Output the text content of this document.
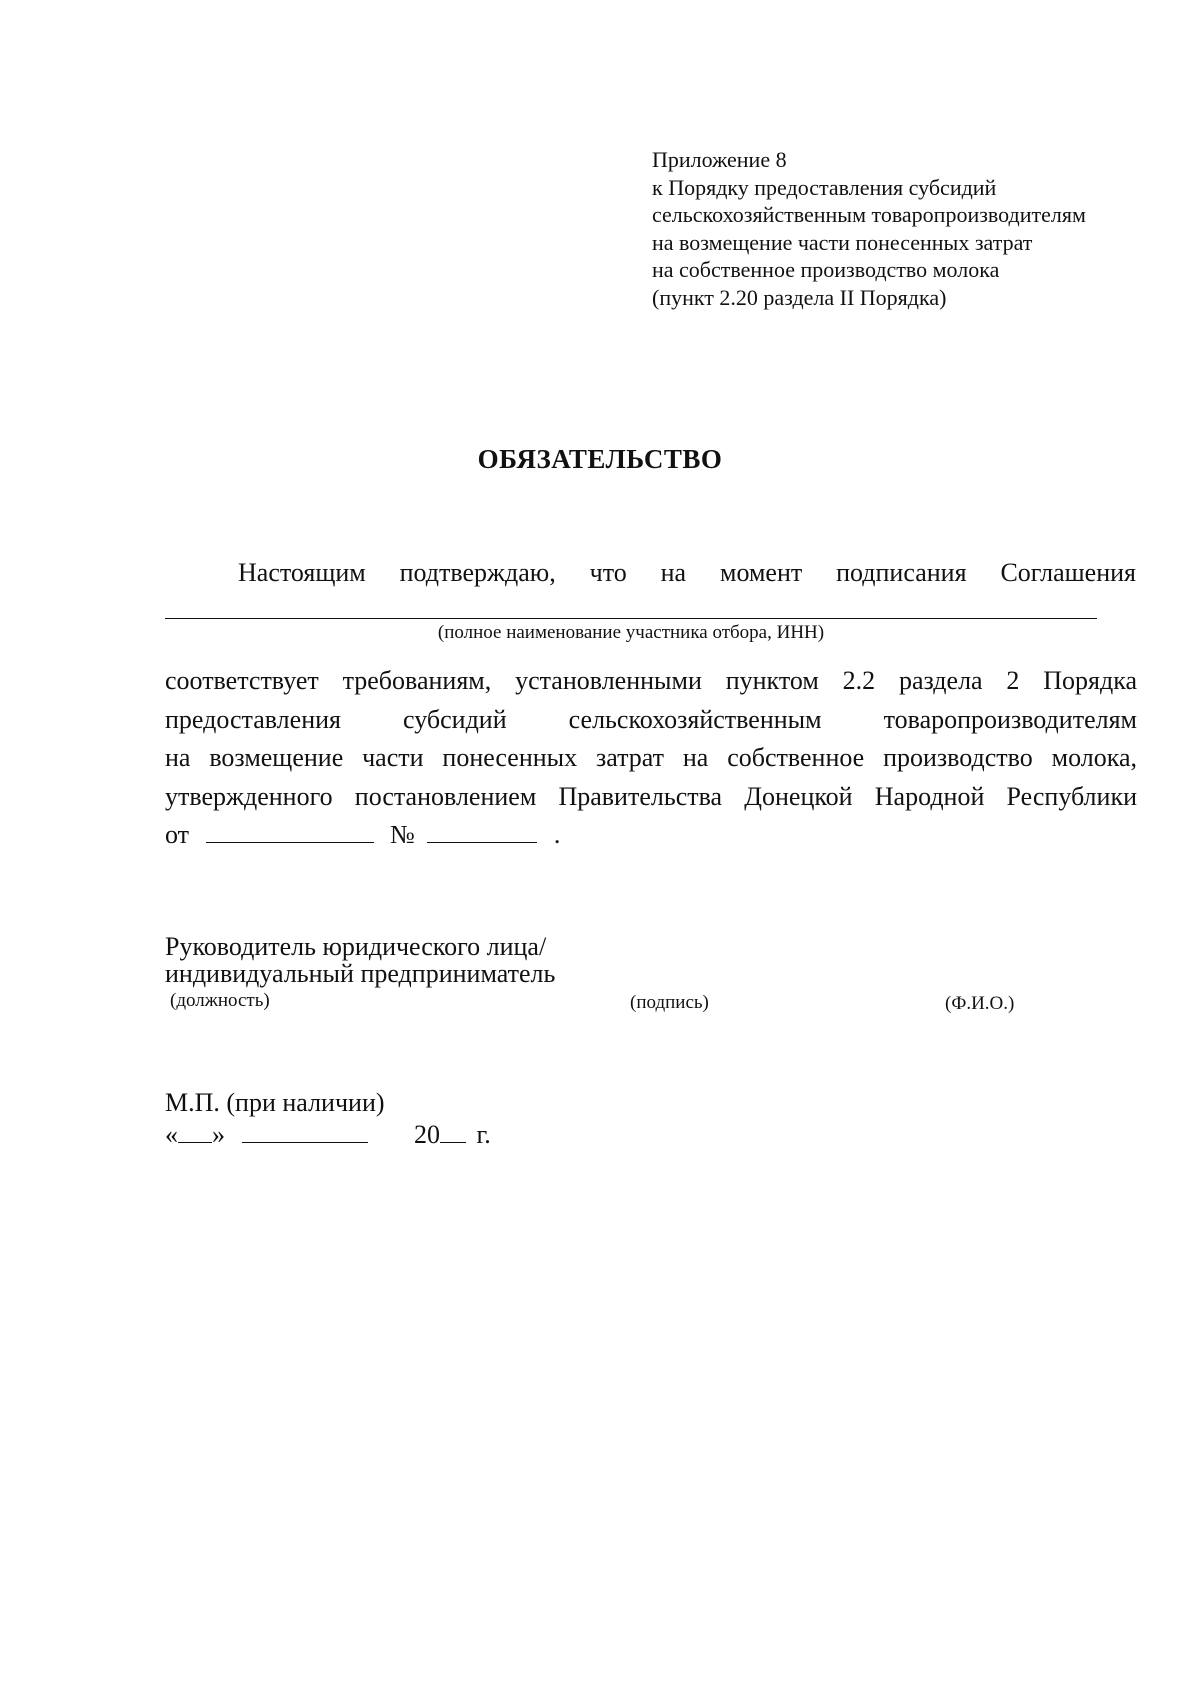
Приложение 8
к Порядку предоставления субсидий
сельскохозяйственным товаропроизводителям
на возмещение части понесенных затрат
на собственное производство молока
(пункт 2.20 раздела II Порядка)
ОБЯЗАТЕЛЬСТВО
Настоящим подтверждаю, что на момент подписания Соглашения
(полное наименование участника отбора, ИНН)
соответствует требованиям, установленными пунктом 2.2 раздела 2 Порядка
предоставления субсидий сельскохозяйственным товаропроизводителям
на возмещение части понесенных затрат на собственное производство молока,
утвержденного постановлением Правительства Донецкой Народной Республики
от	№	.
Руководитель юридического лица/
индивидуальный предприниматель
(должность)	(подпись)	(Ф.И.О.)
М.П. (при наличии)
« »	20 г.
